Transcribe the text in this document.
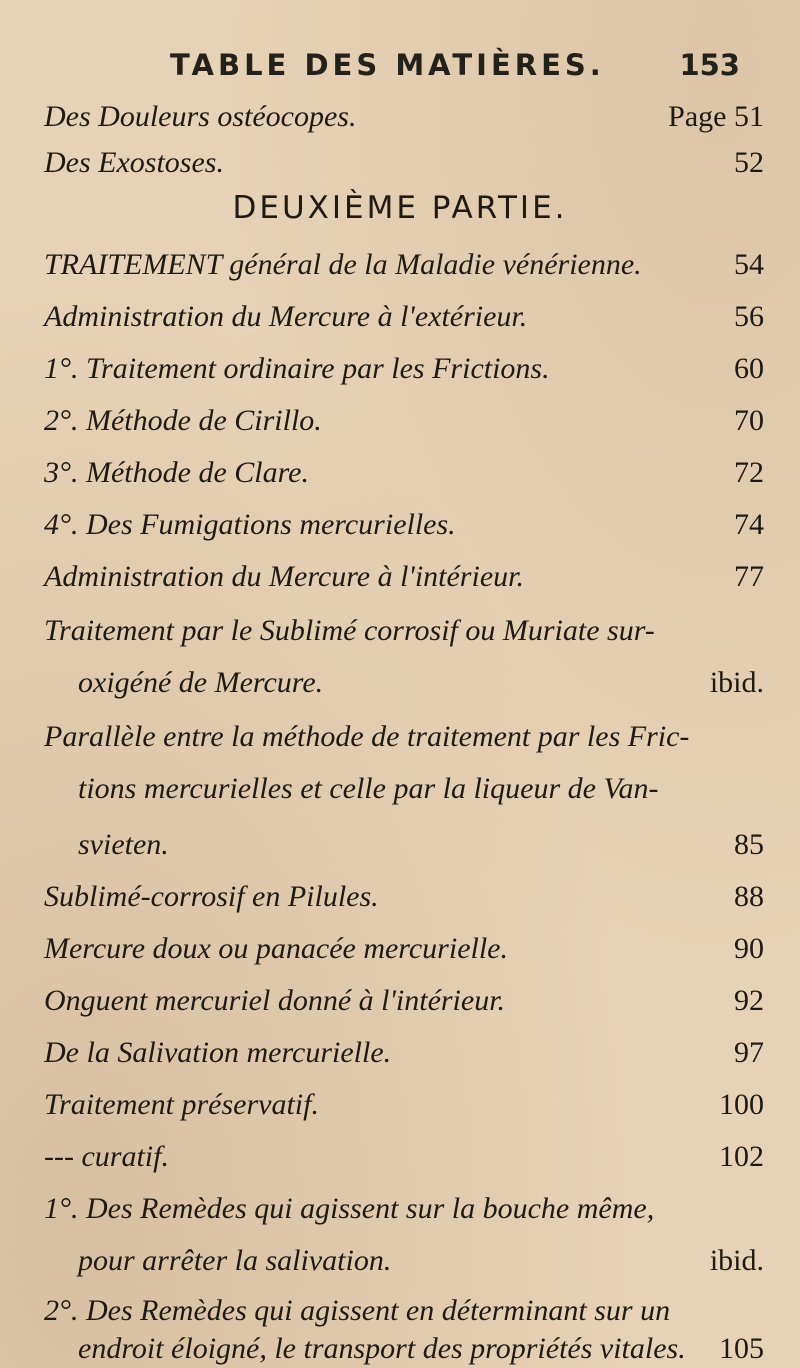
TABLE DES MATIÈRES.	153
Des Douleurs ostéocopes.	Page 51
Des Exostoses.	52
DEUXIÈME PARTIE.
TRAITEMENT général de la Maladie vénérienne.	54
Administration du Mercure à l'extérieur.	56
1°. Traitement ordinaire par les Frictions.	60
2°. Méthode de Cirillo.	70
3°. Méthode de Clare.	72
4°. Des Fumigations mercurielles.	74
Administration du Mercure à l'intérieur.	77
Traitement par le Sublimé corrosif ou Muriate sur-
oxigéné de Mercure.	ibid.
Parallèle entre la méthode de traitement par les Fric-
tions mercurielles et celle par la liqueur de Van-
svieten.	85
Sublimé-corrosif en Pilules.	88
Mercure doux ou panacée mercurielle.	90
Onguent mercuriel donné à l'intérieur.	92
De la Salivation mercurielle.	97
Traitement préservatif.	100
--- curatif.	102
1°. Des Remèdes qui agissent sur la bouche même,
pour arrêter la salivation.	ibid.
2°. Des Remèdes qui agissent en déterminant sur un
endroit éloigné, le transport des propriétés vitales. 105
